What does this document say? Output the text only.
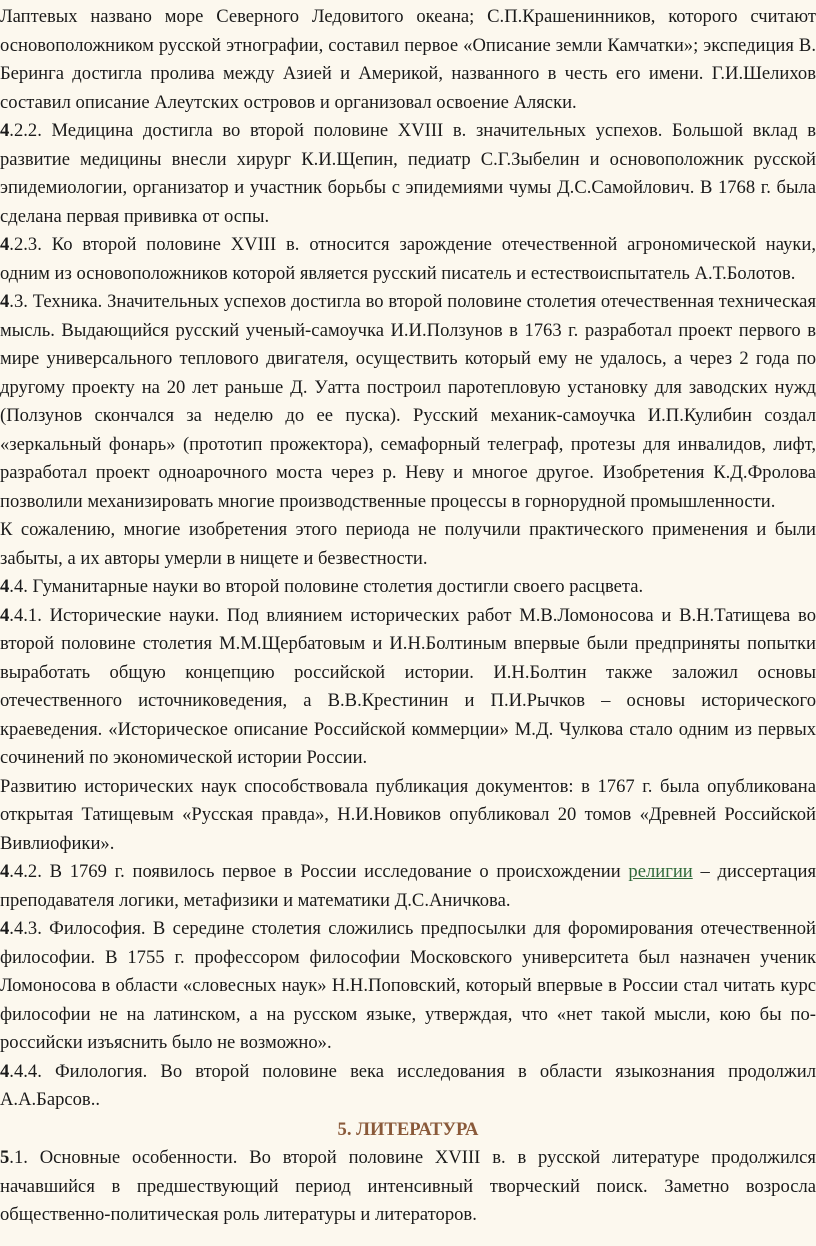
Лаптевых названо море Северного Ледовитого океана; С.П.Крашенинников, которого считают основоположником русской этнографии, составил первое «Описание земли Камчатки»; экспедиция В. Беринга достигла пролива между Азией и Америкой, названного в честь его имени. Г.И.Шелихов составил описание Алеутских островов и организовал освоение Аляски.

4.2.2. Медицина достигла во второй половине XVIII в. значительных успехов. Большой вклад в развитие медицины внесли хирург К.И.Щепин, педиатр С.Г.Зыбелин и основоположник русской эпидемиологии, организатор и участник борьбы с эпидемиями чумы Д.С.Самойлович. В 1768 г. была сделана первая прививка от оспы.

4.2.3. Ко второй половине XVIII в. относится зарождение отечественной агрономической науки, одним из основоположников которой является русский писатель и естествоиспытатель А.Т.Болотов.

4.3. Техника. Значительных успехов достигла во второй половине столетия отечественная техническая мысль. Выдающийся русский ученый-самоучка И.И.Ползунов в 1763 г. разработал проект первого в мире универсального теплового двигателя, осуществить который ему не удалось, а через 2 года по другому проекту на 20 лет раньше Д. Уатта построил паротепловую установку для заводских нужд (Ползунов скончался за неделю до ее пуска). Русский механик-самоучка И.П.Кулибин создал «зеркальный фонарь» (прототип прожектора), семафорный телеграф, протезы для инвалидов, лифт, разработал проект одноарочного моста через р. Неву и многое другое. Изобретения К.Д.Фролова позволили механизировать многие производственные процессы в горнорудной промышленности.

К сожалению, многие изобретения этого периода не получили практического применения и были забыты, а их авторы умерли в нищете и безвестности.

4.4. Гуманитарные науки во второй половине столетия достигли своего расцвета.

4.4.1. Исторические науки. Под влиянием исторических работ М.В.Ломоносова и В.Н.Татищева во второй половине столетия М.М.Щербатовым и И.Н.Болтиным впервые были предприняты попытки выработать общую концепцию российской истории. И.Н.Болтин также заложил основы отечественного источниковедения, а В.В.Крестинин и П.И.Рычков – основы исторического краеведения. «Историческое описание Российской коммерции» М.Д. Чулкова стало одним из первых сочинений по экономической истории России.

Развитию исторических наук способствовала публикация документов: в 1767 г. была опубликована открытая Татищевым «Русская правда», Н.И.Новиков опубликовал 20 томов «Древней Российской Вивлиофики».

4.4.2. В 1769 г. появилось первое в России исследование о происхождении религии – диссертация преподавателя логики, метафизики и математики Д.С.Аничкова.

4.4.3. Философия. В середине столетия сложились предпосылки для форомирования отечественной философии. В 1755 г. профессором философии Московского университета был назначен ученик Ломоносова в области «словесных наук» Н.Н.Поповский, который впервые в России стал читать курс философии не на латинском, а на русском языке, утверждая, что «нет такой мысли, кою бы по-российски изъяснить было не возможно».

4.4.4. Филология. Во второй половине века исследования в области языкознания продолжил А.А.Барсов..

5. ЛИТЕРАТУРА

5.1. Основные особенности. Во второй половине XVIII в. в русской литературе продолжился начавшийся в предшествующий период интенсивный творческий поиск. Заметно возросла общественно-политическая роль литературы и литераторов.
